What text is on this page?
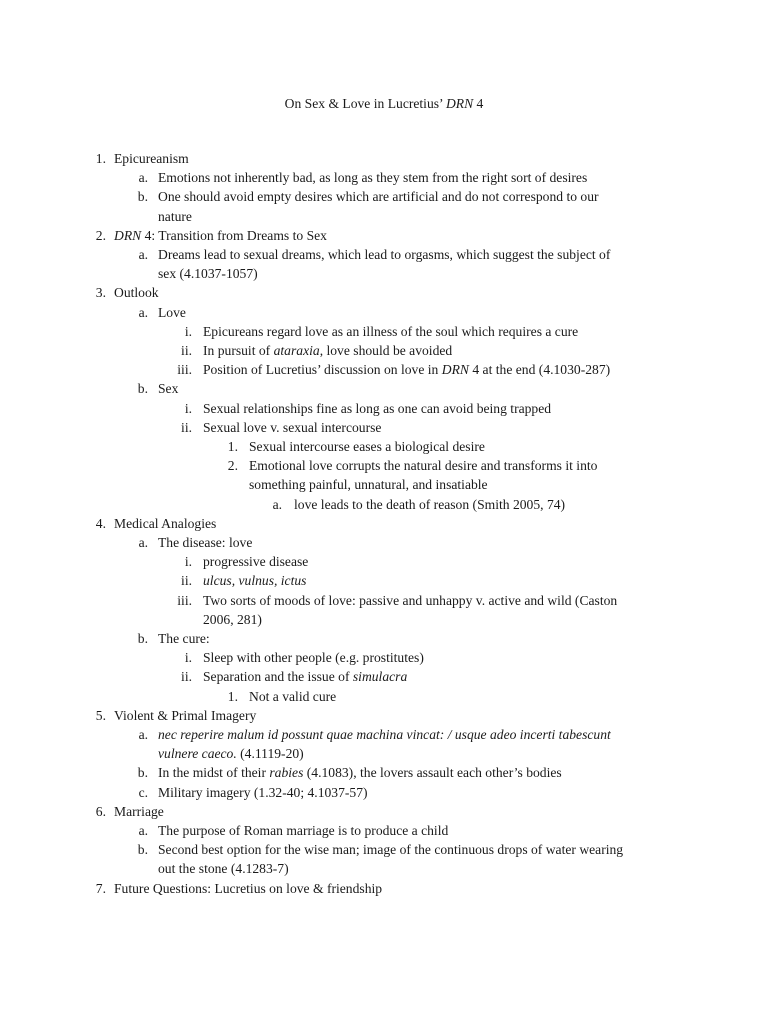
On Sex & Love in Lucretius’ DRN 4
1. Epicureanism
a. Emotions not inherently bad, as long as they stem from the right sort of desires
b. One should avoid empty desires which are artificial and do not correspond to our
nature
2. DRN 4: Transition from Dreams to Sex
a. Dreams lead to sexual dreams, which lead to orgasms, which suggest the subject of
sex (4.1037-1057)
3. Outlook
a. Love
i. Epicureans regard love as an illness of the soul which requires a cure
ii. In pursuit of ataraxia, love should be avoided
iii. Position of Lucretius’ discussion on love in DRN 4 at the end (4.1030-287)
b. Sex
i. Sexual relationships fine as long as one can avoid being trapped
ii. Sexual love v. sexual intercourse
1. Sexual intercourse eases a biological desire
2. Emotional love corrupts the natural desire and transforms it into
something painful, unnatural, and insatiable
a. love leads to the death of reason (Smith 2005, 74)
4. Medical Analogies
a. The disease: love
i. progressive disease
ii. ulcus, vulnus, ictus
iii. Two sorts of moods of love: passive and unhappy v. active and wild (Caston
2006, 281)
b. The cure:
i. Sleep with other people (e.g. prostitutes)
ii. Separation and the issue of simulacra
1. Not a valid cure
5. Violent & Primal Imagery
a. nec reperire malum id possunt quae machina vincat: / usque adeo incerti tabescunt
vulnere caeco. (4.1119-20)
b. In the midst of their rabies (4.1083), the lovers assault each other’s bodies
c. Military imagery (1.32-40; 4.1037-57)
6. Marriage
a. The purpose of Roman marriage is to produce a child
b. Second best option for the wise man; image of the continuous drops of water wearing
out the stone (4.1283-7)
7. Future Questions: Lucretius on love & friendship
